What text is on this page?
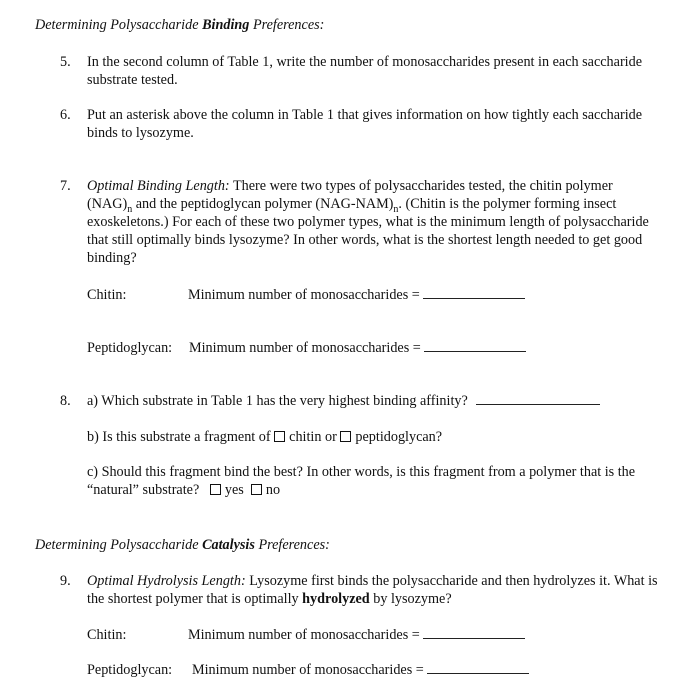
Determining Polysaccharide Binding Preferences:
5.	In the second column of Table 1, write the number of monosaccharides present in each saccharide substrate tested.
6.	Put an asterisk above the column in Table 1 that gives information on how tightly each saccharide binds to lysozyme.
7.	Optimal Binding Length: There were two types of polysaccharides tested, the chitin polymer $(NAG)_n$ and the peptidoglycan polymer $(NAG-NAM)_n$. (Chitin is the polymer forming insect exoskeletons.) For each of these two polymer types, what is the minimum length of polysaccharide that still optimally binds lysozyme? In other words, what is the shortest length needed to get good binding?
Chitin:	Minimum number of monosaccharides =
Peptidoglycan: Minimum number of monosaccharides =
8.	a) Which substrate in Table 1 has the very highest binding affinity?
b) Is this substrate a fragment of chitin or peptidoglycan?
c) Should this fragment bind the best? In other words, is this fragment from a polymer that is the “natural” substrate? yes no
Determining Polysaccharide Catalysis Preferences:
9.	Optimal Hydrolysis Length: Lysozyme first binds the polysaccharide and then hydrolyzes it. What is the shortest polymer that is optimally hydrolyzed by lysozyme?
Chitin:	Minimum number of monosaccharides =
Peptidoglycan: Minimum number of monosaccharides =
